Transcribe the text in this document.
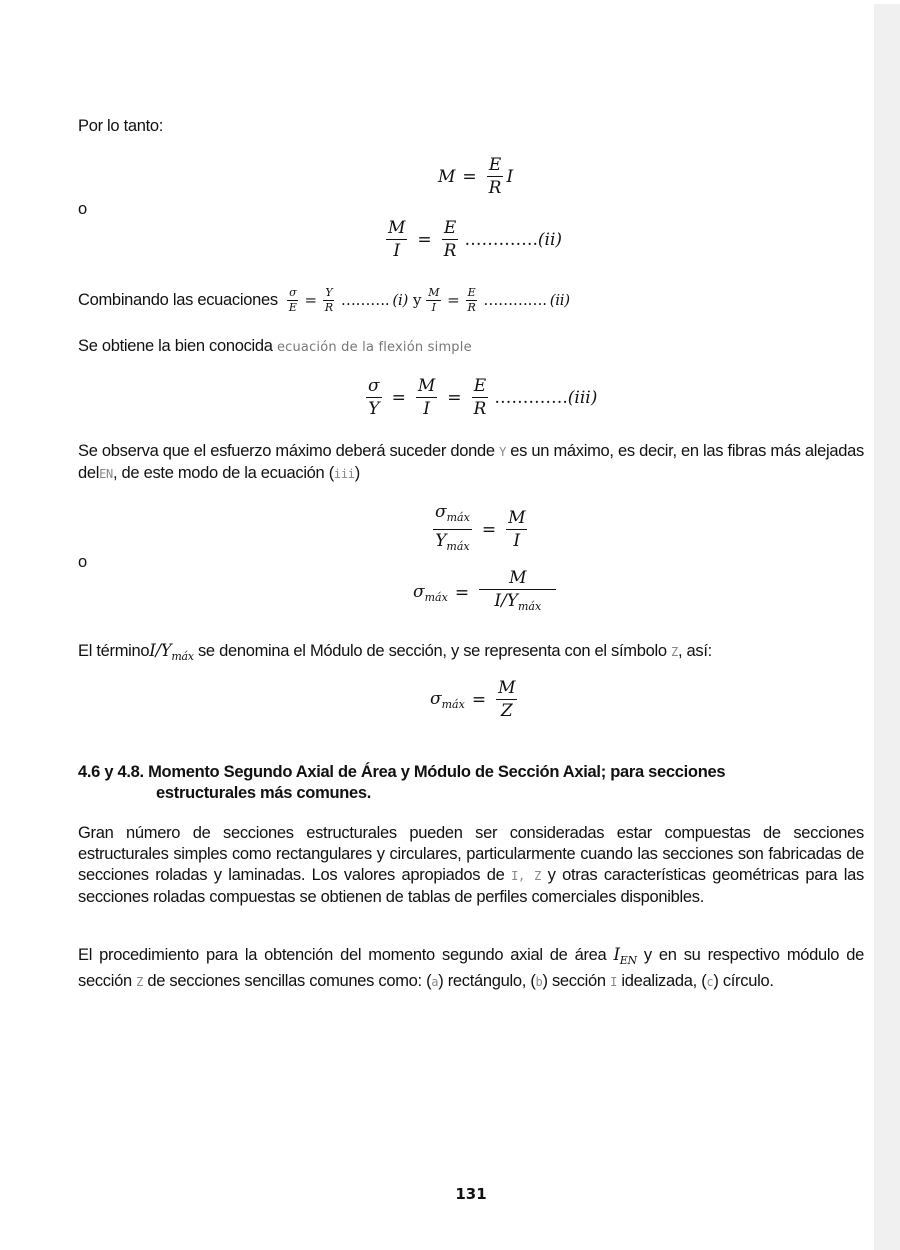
Por lo tanto:
$M = \frac{E}{R}$ I
o
$\frac{M}{I} = \frac{E}{R}$ …………. (ii)
Combinando las ecuaciones $\frac{\sigma}{E} = \frac{Y}{R}$ ………. (i) y $\frac{M}{I} = \frac{E}{R}$ …………. (ii)
Se obtiene la bien conocida ecuación de la flexión simple
$\frac{\sigma}{Y} = \frac{M}{I} = \frac{E}{R}$ …………. (iii)
Se observa que el esfuerzo máximo deberá suceder donde Y es un máximo, es decir, en las fibras más alejadas delEN, de este modo de la ecuación (iii)
$\frac{\sigma_{máx}}{Y_{máx}} = \frac{M}{I}$
o
$\sigma_{máx} = \frac{M}{I/Y_{máx}}$
El términoI/$Y_{máx}$ se denomina el Módulo de sección, y se representa con el símbolo Z, así:
$\sigma_{máx} = \frac{M}{Z}$
4.6 y 4.8. Momento Segundo Axial de Área y Módulo de Sección Axial; para secciones
estructurales más comunes.
Gran número de secciones estructurales pueden ser consideradas estar compuestas de secciones estructurales simples como rectangulares y circulares, particularmente cuando las secciones son fabricadas de secciones roladas y laminadas. Los valores apropiados de I, Z y otras características geométricas para las secciones roladas compuestas se obtienen de tablas de perfiles comerciales disponibles.
El procedimiento para la obtención del momento segundo axial de área $I_{EN}$ y en su respectivo módulo de sección Z de secciones sencillas comunes como: (a) rectángulo, (b) sección I idealizada, (c) círculo.
131
